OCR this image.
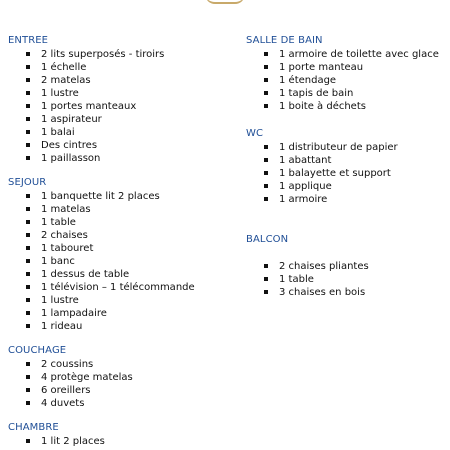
ENTREE
2 lits superposés - tiroirs
1 échelle
2 matelas
1 lustre
1 portes manteaux
1 aspirateur
1 balai
Des cintres
1 paillasson
SEJOUR
1 banquette lit 2 places
1 matelas
1 table
2 chaises
1 tabouret
1 banc
1 dessus de table
1 télévision – 1 télécommande
1 lustre
1 lampadaire
1 rideau
COUCHAGE
2 coussins
4 protège matelas
6 oreillers
4 duvets
CHAMBRE
1 lit 2 places
SALLE DE BAIN
1 armoire de toilette avec glace
1 porte manteau
1 étendage
1 tapis de bain
1 boite à déchets
WC
1 distributeur de papier
1 abattant
1 balayette et support
1 applique
1 armoire
BALCON
2 chaises pliantes
1 table
3 chaises en bois
